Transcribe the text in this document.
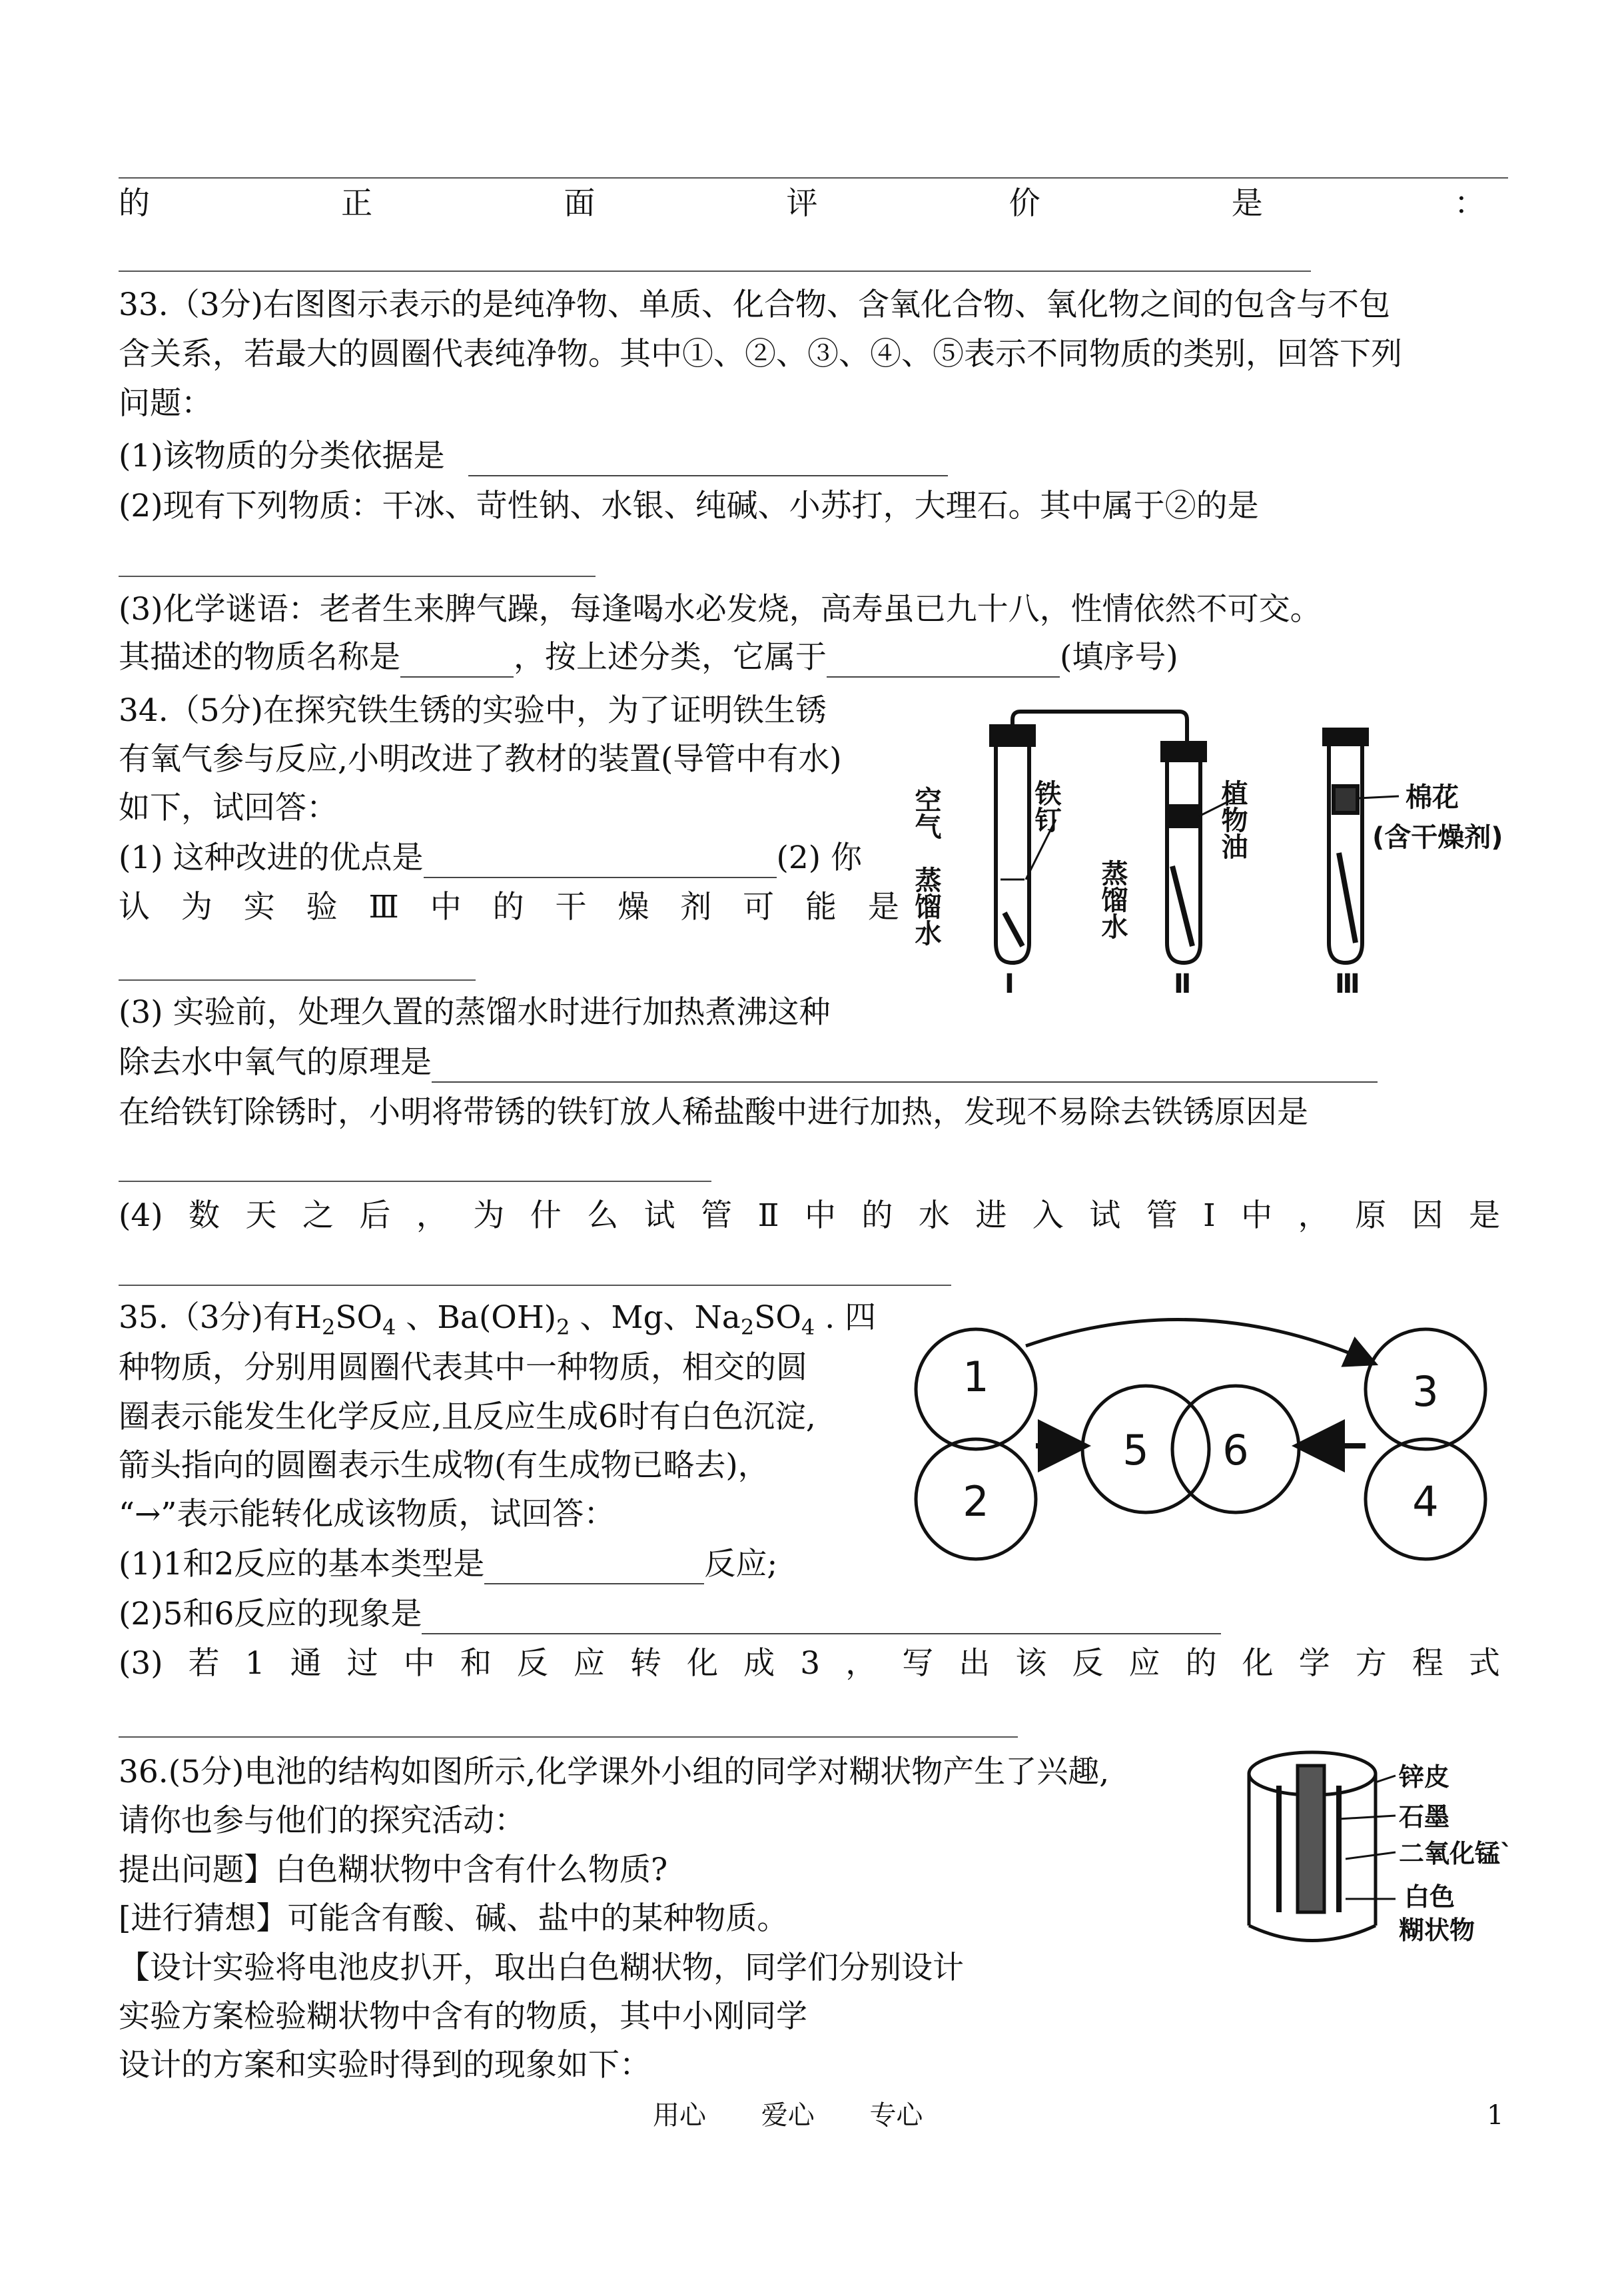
的	正	面	评	价	是	：
33.（3分)右图图示表示的是纯净物、单质、化合物、含氧化合物、氧化物之间的包含与不包
含关系，若最大的圆圈代表纯净物。其中①、②、③、④、⑤表示不同物质的类别，回答下列
问题：
(1)该物质的分类依据是
(2)现有下列物质：干冰、苛性钠、水银、纯碱、小苏打，大理石。其中属于②的是
(3)化学谜语：老者生来脾气躁，每逢喝水必发烧，高寿虽已九十八，性情依然不可交。
其描述的物质名称是	，按上述分类，它属于	(填序号)
34.（5分)在探究铁生锈的实验中，为了证明铁生锈
有氧气参与反应,小明改进了教材的装置(导管中有水)
如下，试回答：
(1) 这种改进的优点是	(2) 你
认 为 实 验 Ⅲ 中 的 干 燥 剂 可 能 是
(3) 实验前，处理久置的蒸馏水时进行加热煮沸这种
除去水中氧气的原理是
在给铁钉除锈时，小明将带锈的铁钉放人稀盐酸中进行加热，发现不易除去铁锈原因是
(4) 数 天 之 后 ， 为 什 么 试 管 Ⅱ 中 的 水 进 入 试 管 Ⅰ 中 ， 原 因 是
空气	铁钉
蒸馏水
植物油
蒸馏水
棉花
(含干燥剂)
Ⅰ	Ⅱ	Ⅲ
35.（3分)有$H_2SO_4$ 、$Ba(OH)_2$ 、Mg、$Na_2SO_4$ . 四
种物质，分别用圆圈代表其中一种物质，相交的圆
圈表示能发生化学反应,且反应生成6时有白色沉淀,
箭头指向的圆圈表示生成物(有生成物已略去)，
“→”表示能转化成该物质，试回答：
(1)1和2反应的基本类型是	反应;
(2)5和6反应的现象是
(3) 若 1 通 过 中 和 反 应 转 化 成 3 ， 写 出 该 反 应 的 化 学 方 程 式
1
2
3
4
5 6
36.(5分)电池的结构如图所示,化学课外小组的同学对糊状物产生了兴趣,
请你也参与他们的探究活动：
提出问题】白色糊状物中含有什么物质?
[进行猜想】可能含有酸、碱、盐中的某种物质。
【设计实验将电池皮扒开，取出白色糊状物，同学们分别设计
实验方案检验糊状物中含有的物质，其中小刚同学
设计的方案和实验时得到的现象如下：
锌皮
石墨
二氧化锰`
白色
糊状物
用心 爱心 专心	1
